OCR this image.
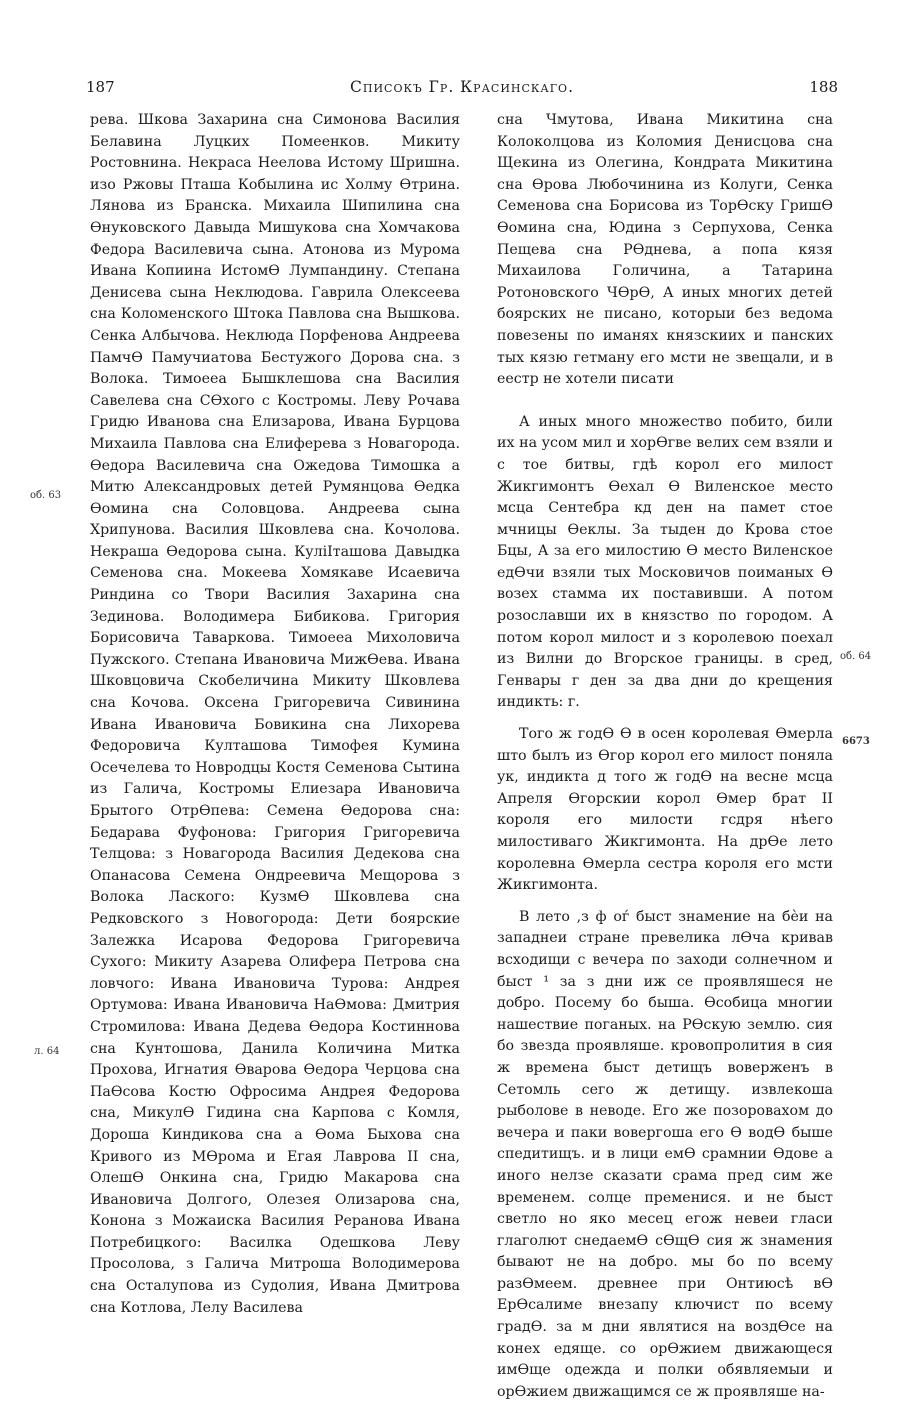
187	Списокъ Гр. Красинскаго.	188
об. 63
л. 64
об. 64
6673

рева. Шкова Захарина сна Симонова Василия Белавина Луцких Помеенков. Микиту Ростовнина. Некраса Неелова Истому Шришна. изо Ржовы Пташа Кобылина ис Холму Өтрина. Лянова из Бранска. Михаила Шипилина сна Өнуковского Давыда Мишукова сна Хомчакова Федора Василевича сына. Атонова из Мурома Ивана Копиина ИстомӨ Лумпандину. Степана Денисева сына Неклюдова. Гаврила Олексеева сна Коломенского Штока Павлова сна Вышкова. Сенка Албычова. Неклюда Порфенова Андреева ПамчӨ Памучиатова Бестужого Дорова сна. з Волока. Тимоееа Бышклешова сна Василия Савелева сна СӨхого с Костромы. Леву Рочава Гридю Иванова сна Елизарова, Ивана Бурцова Михаила Павлова сна Елиферева з Новагорода. Өедора Василевича сна Ожедова Тимошка а Митю Александровых детей Румянцова Өедка Өомина сна Соловцова. Андреева сына Хрипунова. Василия Шковлева сна. Кочолова. Некраша Өедорова сына. КуліІташова Давыдка Семенова сна. Мокеева Хомякаве Исаевича Риндина со Твори Василия Захарина сна Зединова. Володимера Бибикова. Григория Борисовича Таваркова. Тимоееа Михоловича Пужского. Степана Ивановича МижӨева. Ивана Шковцовича Скобеличина Микиту Шковлева сна Кочова. Оксена Григоревича Сивинина Ивана Ивановича Бовикина сна Лихорева Федоровича Култашова Тимофея Кумина Осечелева то Новродцы Костя Семенова Сытина из Галича, Костромы Елиезара Ивановича Брытого ОтрӨпева: Семена Өедорова сна: Бедарава Фуфонова: Григория Григоревича Телцова: з Новагорода Василия Дедекова сна Опанасова Семена Ондреевича Мещорова з Волока Лаского: КузмӨ Шковлева сна Редковского з Новогорода: Дети боярские Залежка Исарова Федорова Григоревича Сухого: Микиту Азарева Олифера Петрова сна ловчого: Ивана Ивановича Турова: Андрея Ортумова: Ивана Ивановича НаӨмова: Дмитрия Стромилова: Ивана Дедева Өедора Костиннова сна Кунтошова, Данила Количина Митка Прохова, Игнатия Өварова Өедора Черцова сна ПаӨсова Костю Офросима Андрея Федорова сна, МикулӨ Гидина сна Карпова с Комля, Дороша Киндикова сна а Өома Быхова сна Кривого из МӨрома и Егая Лаврова ІІ сна, ОлешӨ Онкина сна, Гридю Макарова сна Ивановича Долгого, Олезея Олизарова сна, Конона з Можаиска Василия Реранова Ивана Потребицкого: Василка Одешкова Леву Просолова, з Галича Митроша Володимерова сна Осталупова из Судолия, Ивана Дмитрова сна Котлова, Лелу Василева

сна Чмутова, Ивана Микитина сна Колоколцова из Коломия Денисцова сна Щекина из Олегина, Кондрата Микитина сна Өрова Любочинина из Колуги, Сенка Семенова сна Борисова из ТорӨску ГришӨ Өомина сна, Юдина з Серпухова, Сенка Пещева сна РӨднева, а попа кязя Михаилова Голичина, а Татарина Ротоновского ЧӨрӨ, А иных многих детей боярских не писано, которыи без ведома повезены по иманях князскиих и панских тых кязю гетману его мсти не звещали, и в еестр не хотели писати

А иных много множество побито, били их на усом мил и хорӨгве велих сем взяли и с тое битвы, гдѣ корол его милост Жикгимонтъ Өехал Ө Виленское место мсца Сентебра кд ден на памет стое мчницы Өеклы. За тыден до Крова стое Бцы, А за его милостию Ө место Виленское едӨчи взяли тых Московичов поиманых Ө возех стамма их поставивши. А потом розославши их в князство по городом. А потом корол милост и з королевою поехал из Вилни до Вгорское границы. в сред, Генвары г ден за два дни до крещения индикть: г.

Того ж годӨ Ө в осен королевая Өмерла што былъ из Өгор корол его милост поняла ук, индикта д того ж годӨ на весне мсца Апреля Өгорскии корол Өмер брат ІІ короля его милости гсдря нѣего милостиваго Жикгимонта. На дрӨе лето королевна Өмерла сестра короля его мсти Жикгимонта.

В лето ,з ф оѓ быст знамение на бѐи на западнеи стране превелика лӨча кривав всходищи с вечера по заходи солнечном и быст ¹ за з дни иж се проявляшеся не добро. Посему бо быша. Өсобица многии нашествие поганых. на РӨскую землю. сия бо звезда проявляше. кровопролития в сия ж времена быст детищъ воверженъ в Сетомль сего ж детищу. извлекоша рыболове в неводе. Его же позоровахом до вечера и паки вовергоша его Ө водӨ быше спедитищъ. и в лици емӨ срамнии Өдове а иного нелзе сказати срама пред сим же временем. солце пременися. и не быст светло но яко месец егож невеи гласи глаголют снедаемӨ сӨщӨ сия ж знамения бывают не на добро. мы бо по всему разӨмеем. древнее при Онтиюсѣ вӨ ЕрӨсалиме внезапу ключист по всему градӨ. за м дни являтися на воздӨсе на конех едяще. со орӨжием движающеся имӨще одежда и полки обявляемыи и орӨжием движащимся се ж проявляше на-
